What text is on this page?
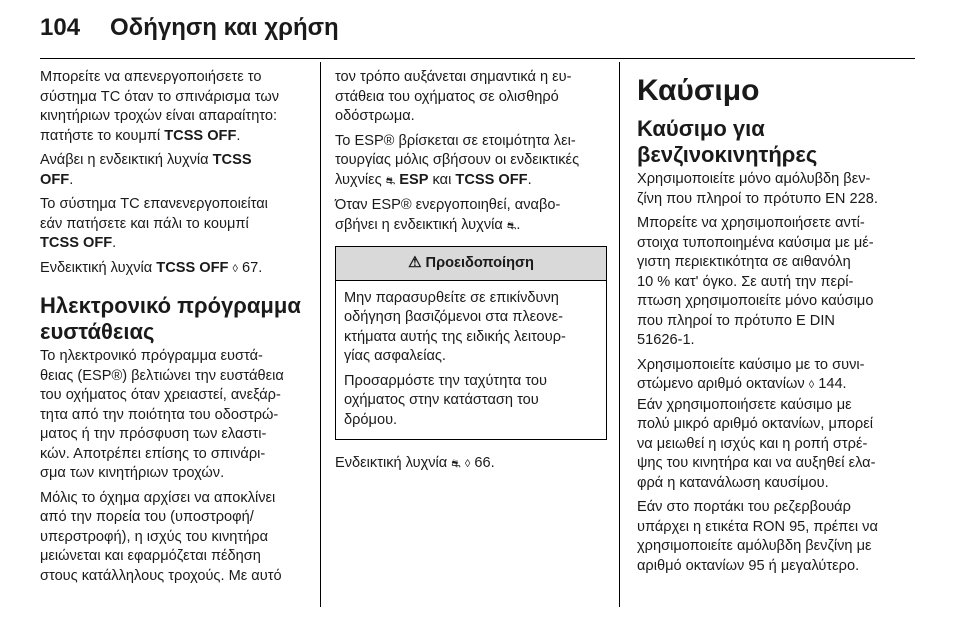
104 Οδήγηση και χρήση

Μπορείτε να απενεργοποιήσετε το
σύστημα TC όταν το σπινάρισμα των
κινητήριων τροχών είναι απαραίτητο:
πατήστε το κουμπί TCSS OFF.

Ανάβει η ενδεικτική λυχνία TCSS
OFF.

Το σύστημα TC επανενεργοποιείται
εάν πατήσετε και πάλι το κουμπί
TCSS OFF.

Ενδεικτική λυχνία TCSS OFF ◊ 67.

Ηλεκτρονικό πρόγραμμα
ευστάθειας

Το ηλεκτρονικό πρόγραμμα ευστά-
θειας (ESP®) βελτιώνει την ευστάθεια
του οχήματος όταν χρειαστεί, ανεξάρ-
τητα από την ποιότητα του οδοστρώ-
ματος ή την πρόσφυση των ελαστι-
κών. Αποτρέπει επίσης το σπινάρι-
σμα των κινητήριων τροχών.

Μόλις το όχημα αρχίσει να αποκλίνει
από την πορεία του (υποστροφή/
υπερστροφή), η ισχύς του κινητήρα
μειώνεται και εφαρμόζεται πέδηση
στους κατάλληλους τροχούς. Με αυτό

τον τρόπο αυξάνεται σημαντικά η ευ-
στάθεια του οχήματος σε ολισθηρό
οδόστρωμα.

Το ESP® βρίσκεται σε ετοιμότητα λει-
τουργίας μόλις σβήσουν οι ενδεικτικές
λυχνίες ⛐ ESP και TCSS OFF.

Όταν ESP® ενεργοποιηθεί, αναβο-
σβήνει η ενδεικτική λυχνία ⛐.

⚠ Προειδοποίηση

Μην παρασυρθείτε σε επικίνδυνη
οδήγηση βασιζόμενοι στα πλεονε-
κτήματα αυτής της ειδικής λειτουρ-
γίας ασφαλείας.

Προσαρμόστε την ταχύτητα του
οχήματος στην κατάσταση του
δρόμου.

Ενδεικτική λυχνία ⛐ ◊ 66.

Καύσιμο
Καύσιμο για
βενζινοκινητήρες

Χρησιμοποιείτε μόνο αμόλυβδη βεν-
ζίνη που πληροί το πρότυπο EN 228.

Μπορείτε να χρησιμοποιήσετε αντί-
στοιχα τυποποιημένα καύσιμα με μέ-
γιστη περιεκτικότητα σε αιθανόλη
10 % κατ' όγκο. Σε αυτή την περί-
πτωση χρησιμοποιείτε μόνο καύσιμο
που πληροί το πρότυπο E DIN
51626-1.

Χρησιμοποιείτε καύσιμο με το συνι-
στώμενο αριθμό οκτανίων ◊ 144.
Εάν χρησιμοποιήσετε καύσιμο με
πολύ μικρό αριθμό οκτανίων, μπορεί
να μειωθεί η ισχύς και η ροπή στρέ-
ψης του κινητήρα και να αυξηθεί ελα-
φρά η κατανάλωση καυσίμου.

Εάν στο πορτάκι του ρεζερβουάρ
υπάρχει η ετικέτα RON 95, πρέπει να
χρησιμοποιείτε αμόλυβδη βενζίνη με
αριθμό οκτανίων 95 ή μεγαλύτερο.
